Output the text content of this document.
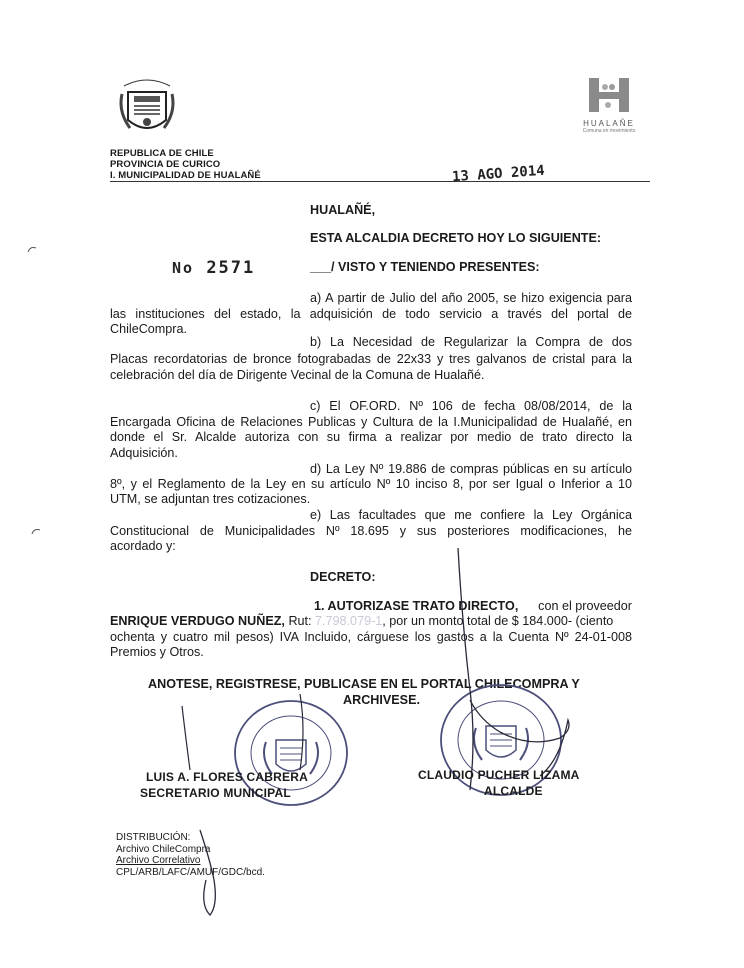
REPUBLICA DE CHILE
PROVINCIA DE CURICO
I. MUNICIPALIDAD DE HUALAÑÉ
HUALAÑE
Comuna en movimiento
13 AGO 2014
HUALAÑÉ,
ESTA ALCALDIA DECRETO HOY LO SIGUIENTE:
No 2571	___/ VISTO Y TENIENDO PRESENTES:
a) A partir de Julio del año 2005, se hizo exigencia para
las instituciones del estado, la adquisición de todo servicio a través del portal de
ChileCompra.
b) La Necesidad de Regularizar la Compra de dos
Placas recordatorias de bronce fotograbadas de 22x33 y tres galvanos de cristal para la
celebración del día de Dirigente Vecinal de la Comuna de Hualañé.
c) El OF.ORD. Nº 106 de fecha 08/08/2014, de la
Encargada Oficina de Relaciones Publicas y Cultura de la I.Municipalidad de Hualañé, en
donde el Sr. Alcalde autoriza con su firma a realizar por medio de trato directo la
Adquisición.
d) La Ley Nº 19.886 de compras públicas en su artículo
8º, y el Reglamento de la Ley en su artículo Nº 10 inciso 8, por ser Igual o Inferior a 10
UTM, se adjuntan tres cotizaciones.
e) Las facultades que me confiere la Ley Orgánica
Constitucional de Municipalidades Nº 18.695 y sus posteriores modificaciones, he
acordado y:
DECRETO:
1. AUTORIZASE TRATO DIRECTO, con el proveedor
ENRIQUE VERDUGO NUÑEZ, Rut: 7.798.079-1, por un monto total de $ 184.000- (ciento
ochenta y cuatro mil pesos) IVA Incluido, cárguese los gastos a la Cuenta Nº 24-01-008
Premios y Otros.
ANOTESE, REGISTRESE, PUBLICASE EN EL PORTAL CHILECOMPRA Y
ARCHIVESE.
LUIS A. FLORES CABRERA
SECRETARIO MUNICIPAL
CLAUDIO PUCHER LIZAMA
ALCALDE
DISTRIBUCIÓN:
Archivo ChileCompra
Archivo Correlativo
CPL/ARB/LAFC/AMUF/GDC/bcd.
